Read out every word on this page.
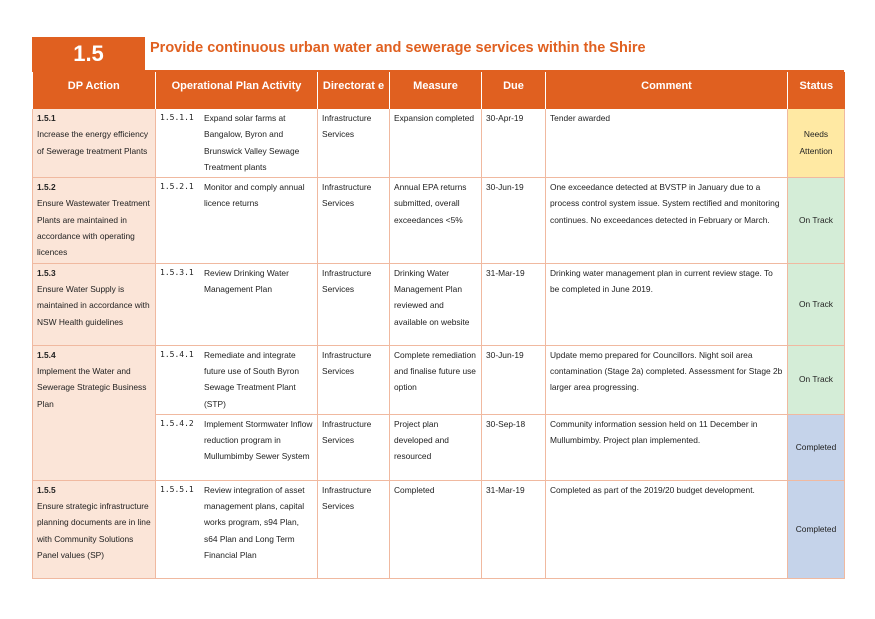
1.5	Provide continuous urban water and sewerage services within the Shire
DP Action	Operational Plan Activity	Directorat e	Measure	Due	Comment	Status

1.5.1
Increase the energy efficiency of Sewerage treatment Plants	1.5.1.1 Expand solar farms at Bangalow, Byron and Brunswick Valley Sewage Treatment plants	Infrastructure Services	Expansion completed	30-Apr-19	Tender awarded	Needs Attention

1.5.2
Ensure Wastewater Treatment Plants are maintained in accordance with operating licences	1.5.2.1 Monitor and comply annual licence returns	Infrastructure Services	Annual EPA returns submitted, overall exceedances <5%	30-Jun-19	One exceedance detected at BVSTP in January due to a process control system issue. System rectified and monitoring continues. No exceedances detected in February or March.	On Track

1.5.3
Ensure Water Supply is maintained in accordance with NSW Health guidelines	1.5.3.1 Review Drinking Water Management Plan	Infrastructure Services	Drinking Water Management Plan reviewed and available on website	31-Mar-19	Drinking water management plan in current review stage. To be completed in June 2019.	On Track

1.5.4
Implement the Water and Sewerage Strategic Business Plan	1.5.4.1 Remediate and integrate future use of South Byron Sewage Treatment Plant (STP)	Infrastructure Services	Complete remediation and finalise future use option	30-Jun-19	Update memo prepared for Councillors. Night soil area contamination (Stage 2a) completed. Assessment for Stage 2b larger area progressing.	On Track

	1.5.4.2 Implement Stormwater Inflow reduction program in Mullumbimby Sewer System	Infrastructure Services	Project plan developed and resourced	30-Sep-18	Community information session held on 11 December in Mullumbimby. Project plan implemented.	Completed

1.5.5
Ensure strategic infrastructure planning documents are in line with Community Solutions Panel values (SP)	1.5.5.1 Review integration of asset management plans, capital works program, s94 Plan, s64 Plan and Long Term Financial Plan	Infrastructure Services	Completed	31-Mar-19	Completed as part of the 2019/20 budget development.	Completed
